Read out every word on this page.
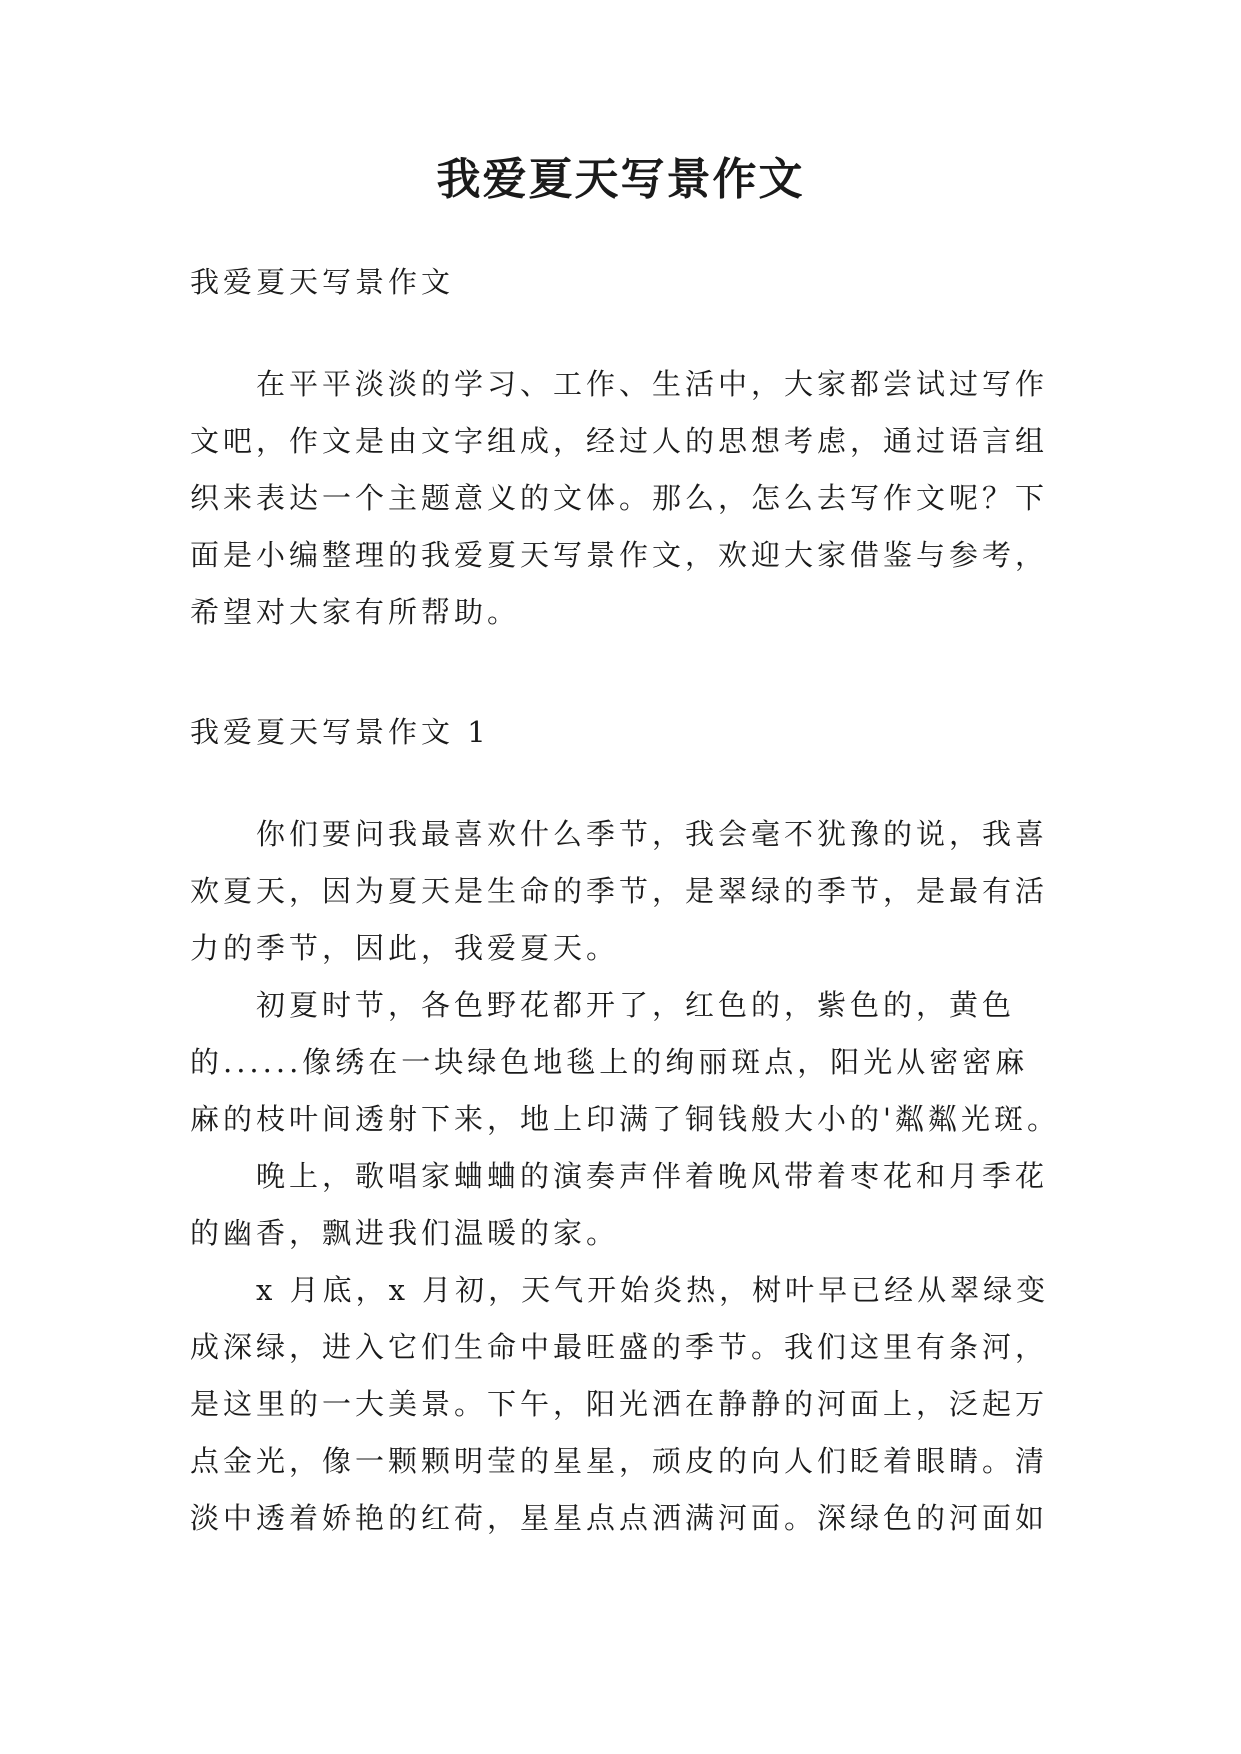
我爱夏天写景作文
我爱夏天写景作文
在平平淡淡的学习、工作、生活中，大家都尝试过写作
文吧，作文是由文字组成，经过人的思想考虑，通过语言组
织来表达一个主题意义的文体。那么，怎么去写作文呢？下
面是小编整理的我爱夏天写景作文，欢迎大家借鉴与参考，
希望对大家有所帮助。
我爱夏天写景作文 1
你们要问我最喜欢什么季节，我会毫不犹豫的说，我喜
欢夏天，因为夏天是生命的季节，是翠绿的季节，是最有活
力的季节，因此，我爱夏天。
初夏时节，各色野花都开了，红色的，紫色的，黄色
的......像绣在一块绿色地毯上的绚丽斑点，阳光从密密麻
麻的枝叶间透射下来，地上印满了铜钱般大小的'粼粼光斑。
晚上，歌唱家蛐蛐的演奏声伴着晚风带着枣花和月季花
的幽香，飘进我们温暖的家。
x 月底，x 月初，天气开始炎热，树叶早已经从翠绿变
成深绿，进入它们生命中最旺盛的季节。我们这里有条河，
是这里的一大美景。下午，阳光洒在静静的河面上，泛起万
点金光，像一颗颗明莹的星星，顽皮的向人们眨着眼睛。清
淡中透着娇艳的红荷，星星点点洒满河面。深绿色的河面如
